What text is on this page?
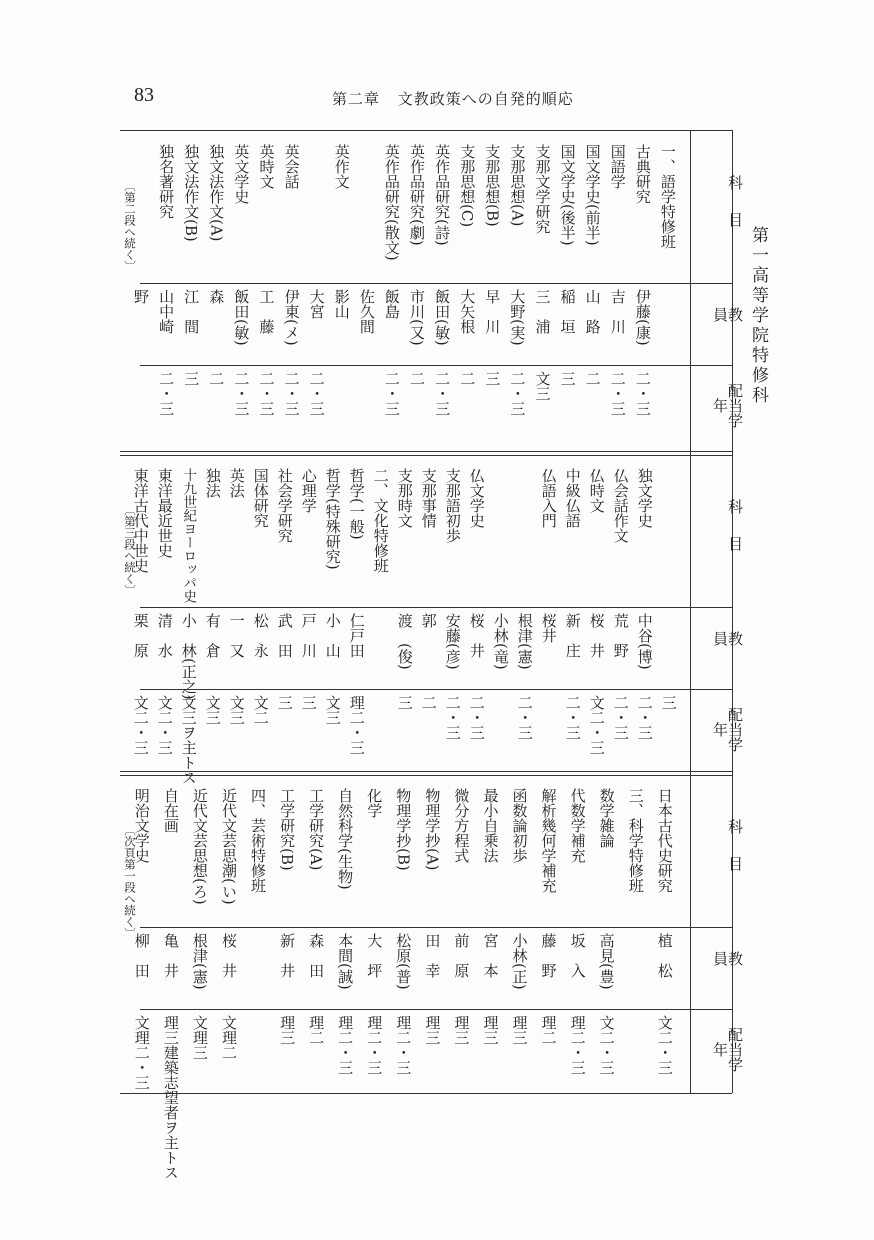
83	第二章 文教政策への自発的順応
第一高等学院特修科
科目
教員
配当学年
一、語学特修班
古典研究
伊藤(康)
二・三
国語学
吉　川
二・三
国文学史(前半)
山　路
二
国文学史(後半)
稲　垣
三
支那文学研究
三　浦
文三
支那思想(A)
大野(実)
二・三
支那思想(B)
早　川
三
支那思想(C)
大矢根
二
英作品研究(詩)
飯田(敏)
二・三
英作品研究(劇)
市川(又)
二
英作品研究(散文)
飯島
二・三
佐久間
英作文
影山
大宮
二・三
英会話
伊東(メ)
二・三
英時文
工　藤
二・三
英文学史
飯田(敏)
二・三
独文法作文(A)
森
二
独文法作文(B)
江　間
三
独名著研究
山中崎
二・三
野
〔第二段へ続く〕
科目
教員
配当学年
三
独文学史
中谷(博)
二・三
仏会話作文
荒　野
二・三
仏時文
桜　井
文二・三
中級仏語
新　庄
二・三
仏語入門
桜井
根津(憲)
二・三
小林(竜)
仏文学史
桜　井
二・三
支那語初歩
安藤(彦)
二・三
支那事情
郭
二
支那時文
渡　(俊)
三
二、文化特修班
哲学(一般)
仁戸田
理二・三
哲学(特殊研究)
小　山
文三
心理学
戸　川
三
社会学研究
武　田
三
国体研究
松　永
文二
英法
一　又
文三
独法
有　倉
文三
十九世紀ヨーロッパ史
小　林(正之)
文三ヲ主トス
東洋最近世史
清　水
文二・三
東洋古代中世史
栗　原
文二・三
〔第三段へ続く〕
科目
教員
配当学年
日本古代史研究
植　松
文二・三
三、科学特修班
数学雑論
高見(豊)
文二・三
代数学補充
坂　入
理二・三
解析幾何学補充
藤　野
理二
函数論初歩
小林(正)
理三
最小自乗法
宮　本
理三
微分方程式
前　原
理三
物理学抄(A)
田　幸
理三
物理学抄(B)
松原(普)
理二・三
化学
大　坪
理二・三
自然科学(生物)
本間(誠)
理二・三
工学研究(A)
森　田
理二
工学研究(B)
新　井
理三
四、芸術特修班
近代文芸思潮(い)
桜　井
文理二
近代文芸思想(ろ)
根津(憲)
文理三
自在画
亀　井
理三建築志望者ヲ主トス
明治文学史
柳　田
文理二・三
〔次頁第一段へ続く〕
